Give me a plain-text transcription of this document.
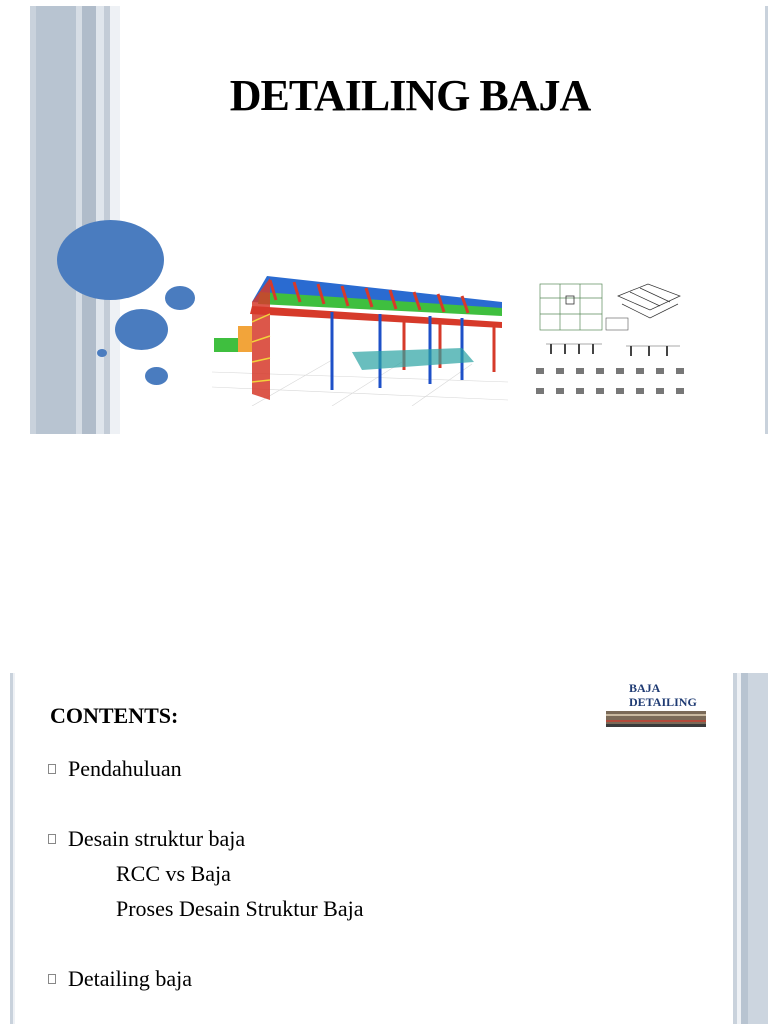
DETAILING BAJA
CONTENTS:
BAJA
DETAILING
Pendahuluan
Desain struktur baja
RCC vs Baja
Proses Desain Struktur Baja
Detailing baja
